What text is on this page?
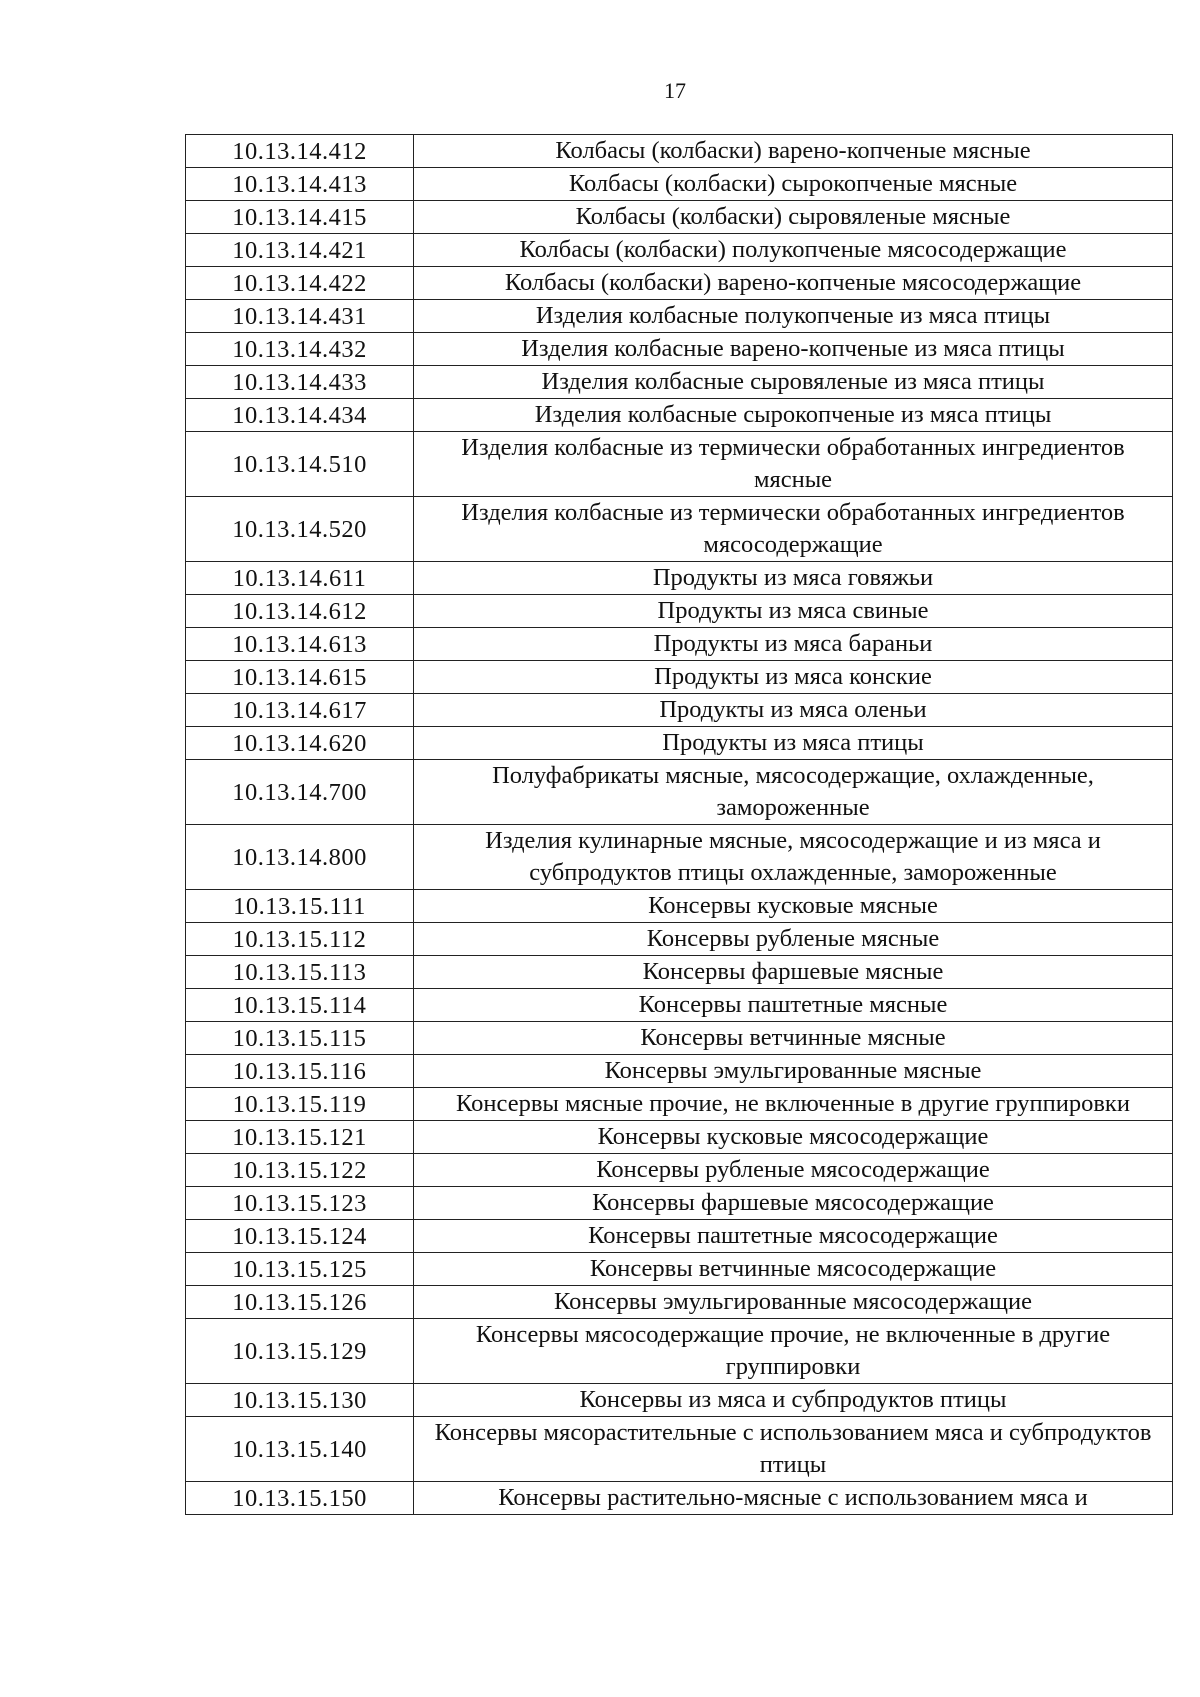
17
10.13.14.412	Колбасы (колбаски) варено-копченые мясные
10.13.14.413	Колбасы (колбаски) сырокопченые мясные
10.13.14.415	Колбасы (колбаски) сыровяленые мясные
10.13.14.421	Колбасы (колбаски) полукопченые мясосодержащие
10.13.14.422	Колбасы (колбаски) варено-копченые мясосодержащие
10.13.14.431	Изделия колбасные полукопченые из мяса птицы
10.13.14.432	Изделия колбасные варено-копченые из мяса птицы
10.13.14.433	Изделия колбасные сыровяленые из мяса птицы
10.13.14.434	Изделия колбасные сырокопченые из мяса птицы
10.13.14.510	Изделия колбасные из термически обработанных ингредиентов мясные
10.13.14.520	Изделия колбасные из термически обработанных ингредиентов мясосодержащие
10.13.14.611	Продукты из мяса говяжьи
10.13.14.612	Продукты из мяса свиные
10.13.14.613	Продукты из мяса бараньи
10.13.14.615	Продукты из мяса конские
10.13.14.617	Продукты из мяса оленьи
10.13.14.620	Продукты из мяса птицы
10.13.14.700	Полуфабрикаты мясные, мясосодержащие, охлажденные, замороженные
10.13.14.800	Изделия кулинарные мясные, мясосодержащие и из мяса и субпродуктов птицы охлажденные, замороженные
10.13.15.111	Консервы кусковые мясные
10.13.15.112	Консервы рубленые мясные
10.13.15.113	Консервы фаршевые мясные
10.13.15.114	Консервы паштетные мясные
10.13.15.115	Консервы ветчинные мясные
10.13.15.116	Консервы эмульгированные мясные
10.13.15.119	Консервы мясные прочие, не включенные в другие группировки
10.13.15.121	Консервы кусковые мясосодержащие
10.13.15.122	Консервы рубленые мясосодержащие
10.13.15.123	Консервы фаршевые мясосодержащие
10.13.15.124	Консервы паштетные мясосодержащие
10.13.15.125	Консервы ветчинные мясосодержащие
10.13.15.126	Консервы эмульгированные мясосодержащие
10.13.15.129	Консервы мясосодержащие прочие, не включенные в другие группировки
10.13.15.130	Консервы из мяса и субпродуктов птицы
10.13.15.140	Консервы мясорастительные с использованием мяса и субпродуктов птицы
10.13.15.150	Консервы растительно-мясные с использованием мяса и
